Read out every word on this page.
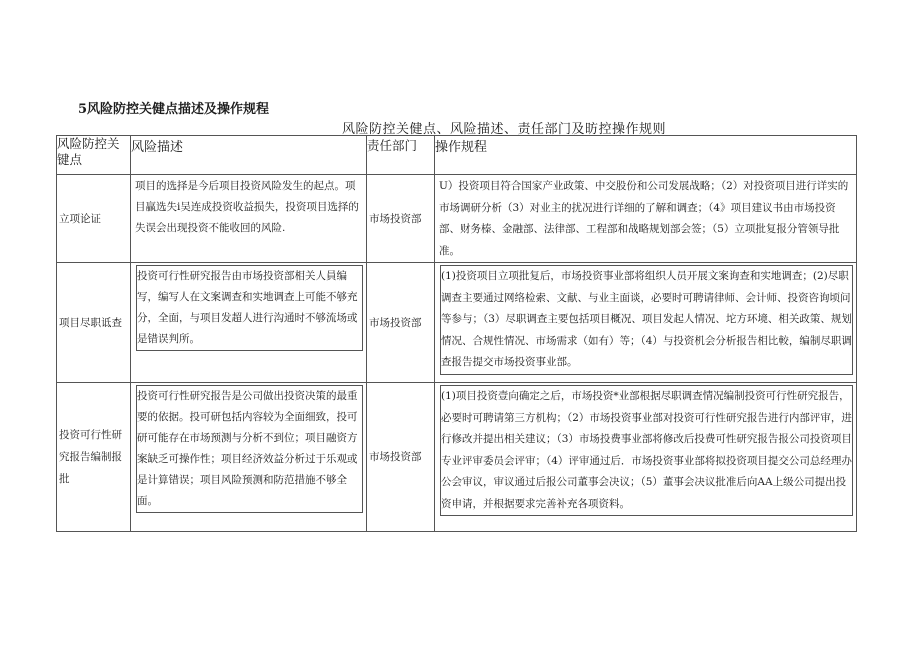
5风险防控关健点描述及操作规程
风险防控关健点、风险描述、责任部门及昉控操作规则
风险防控关键点	风险描述	责任部门	操作规程
立项论证	项目的选择是今后项目投资风险发生的起点。项目贏选失i吴连成投资收益损失，投资项目选择的失误会出现投资不能收回的风险.	市场投资部	U）投资项目符合国家产业政策、中交股份和公司发展战略；（2）对投资项目进行详实的市场调研分析（3）对业主的扰况进行详细的了解和调查；（4》项目建议书由市场投资部、财务榛、金融部、法律部、工程部和战略规划部会签；（5）立项批复报分管领导批准。
项目尽职诋查	投资可行性研究报告由市场投资部相关人員编写，编写人在文案调查和实地调查上可能不够充分，全面，与项目发超人进行沟通时不够流场或是错误判所。	市场投资部	(1)投资项目立项批复后，市场投资事业部将组织人员开展文案询查和实地调查；(2)尽职调查主要通过网络检索、文献、与业主面谈，必要时可聘请律师、会计师、投资咨询顷问等参与；（3）尽职调查主要包括项目概况、项目发起人情况、坨方环境、相关政策、规划情况、合规性情况、市场需求（如有）等；（4）与投资机会分析报告相比較，编制尽职调查报告提交市场投资事业部。

投资可行性研究报告编制报批	投资可行性研究报告是公司做出投资决策的最重要的依据。投可研包括内容较为全面细致，投可研可能存在市场预测与分析不到位；项目融资方案缺乏可操作性；项目经济效益分析过于乐观或是计算错误；项目风险预测和防范措施不够全面。	市场投资部	(1)项目投资壹向确定之后，市场投资*业部根据尽职调查情况编制投资可行性研究报告，必要时可聘请第三方机构；（2）市场投资事业部对投资可行性研究报告进行内部评审，进行修改并提出相关建议；（3）市场投费事业部将修改后投费可性研究报告报公司投资项目专业评审委员会评审；（4）评审通过后．市场投资事业部将拟投资项目提交公司总经理办公会审议，审议通过后报公司董事会决议；（5）董事会决议批准后向AA上级公司提出投资申请，并根据要求完善补充各项资料。
